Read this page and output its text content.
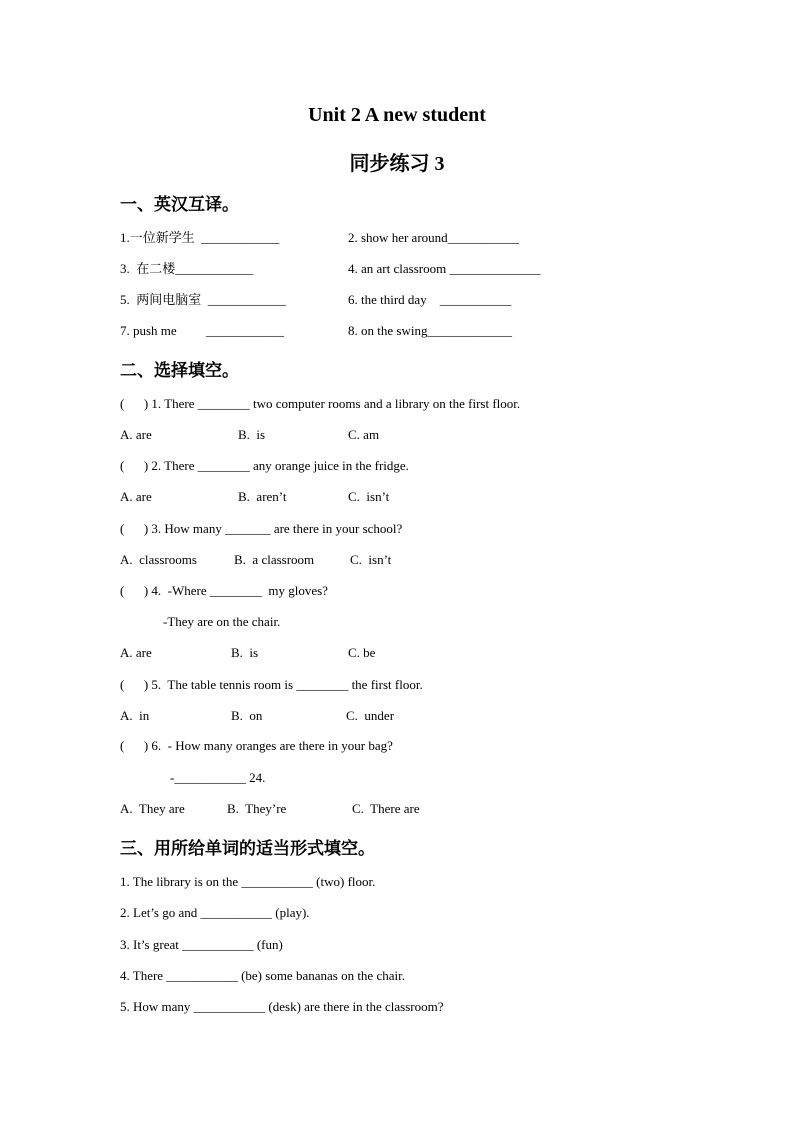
Unit 2 A new student
同步练习 3
一、英汉互译。
1.一位新学生  ____________	2. show her around___________
3.  在二楼____________	4. an art classroom ______________
5.  两间电脑室  ____________	6. the third day    ___________
7. push me         ____________	8. on the swing_____________
二、选择填空。
(      ) 1. There ________ two computer rooms and a library on the first floor.
A. are	B.  is	C. am
(      ) 2. There ________ any orange juice in the fridge.
A. are	B.  aren’t	C.  isn’t
(      ) 3. How many _______ are there in your school?
A.  classrooms	B.  a classroom	C.  isn’t
(      ) 4.  -Where ________  my gloves?
-They are on the chair.
A. are	B.  is	C. be
(      ) 5.  The table tennis room is ________ the first floor.
A.  in	B.  on	C.  under
(      ) 6.  - How many oranges are there in your bag?
-___________ 24.
A.  They are	B.  They’re	C.  There are
三、用所给单词的适当形式填空。
1. The library is on the ___________ (two) floor.
2. Let’s go and ___________ (play).
3. It’s great ___________ (fun)
4. There ___________ (be) some bananas on the chair.
5. How many ___________ (desk) are there in the classroom?
